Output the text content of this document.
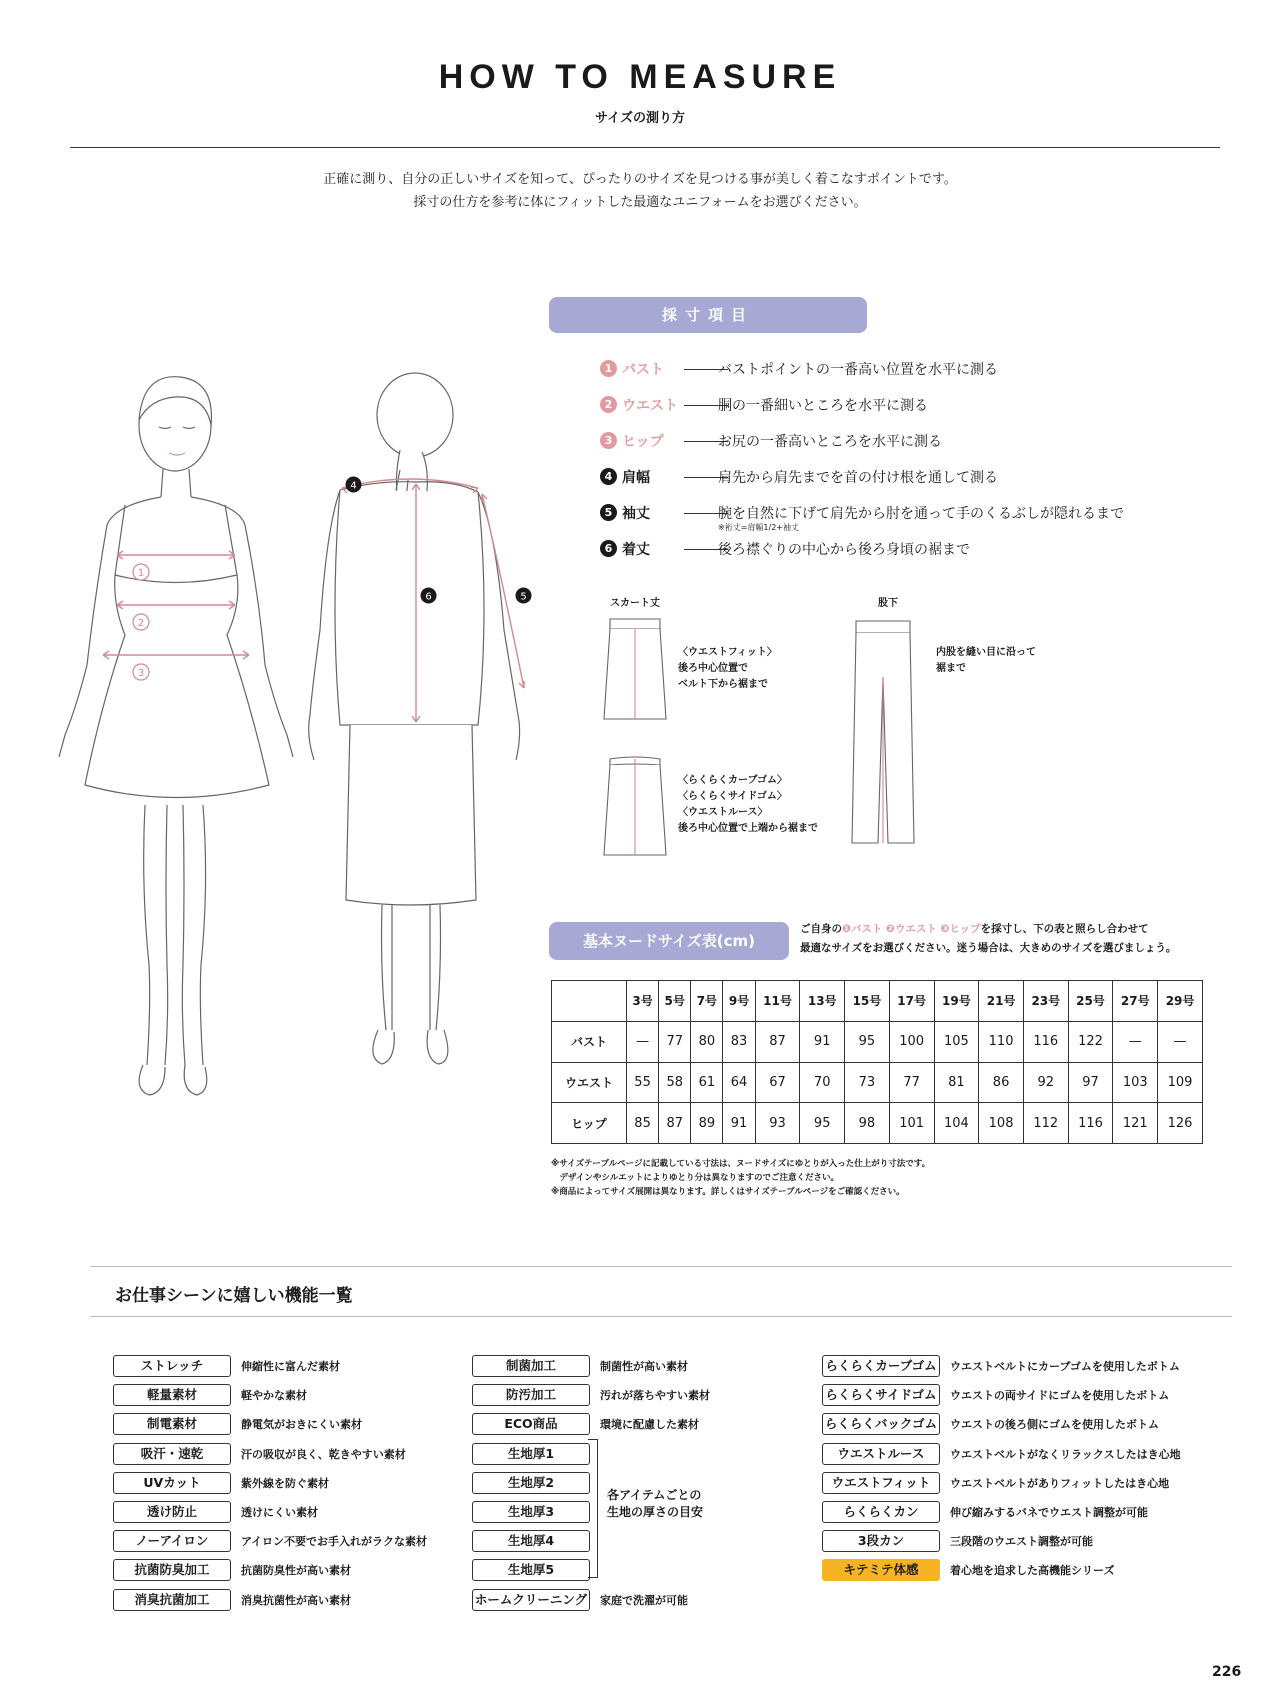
HOW TO MEASURE
サイズの測り方
正確に測り、自分の正しいサイズを知って、ぴったりのサイズを見つける事が美しく着こなすポイントです。
採寸の仕方を参考に体にフィットした最適なユニフォームをお選びください。
1
2
3
4
6	5
採寸項目
1 バスト	バストポイントの一番高い位置を水平に測る
2 ウエスト	胴の一番細いところを水平に測る
3 ヒップ	お尻の一番高いところを水平に測る
4 肩幅	肩先から肩先までを首の付け根を通して測る
5 袖丈	腕を自然に下げて肩先から肘を通って手のくるぶしが隠れるまで
※裄丈=肩幅1/2+袖丈
6 着丈	後ろ襟ぐりの中心から後ろ身頃の裾まで
スカート丈	股下
〈ウエストフィット〉
後ろ中心位置で
ベルト下から裾まで
〈らくらくカーブゴム〉
〈らくらくサイドゴム〉
〈ウエストルース〉
後ろ中心位置で上端から裾まで
内股を縫い目に沿って
裾まで
基本ヌードサイズ表(cm)
ご自身の❶バスト ❷ウエスト ❸ヒップを採寸し、下の表と照らし合わせて
最適なサイズをお選びください。迷う場合は、大きめのサイズを選びましょう。
	3号	5号	7号	9号	11号	13号	15号	17号	19号	21号	23号	25号	27号	29号
バスト	—	77	80	83	87	91	95	100	105	110	116	122	—	—
ウエスト	55	58	61	64	67	70	73	77	81	86	92	97	103	109
ヒップ	85	87	89	91	93	95	98	101	104	108	112	116	121	126
※サイズテーブルページに記載している寸法は、ヌードサイズにゆとりが入った仕上がり寸法です。
　デザインやシルエットによりゆとり分は異なりますのでご注意ください。
※商品によってサイズ展開は異なります。詳しくはサイズテーブルページをご確認ください。
お仕事シーンに嬉しい機能一覧
ストレッチ	伸縮性に富んだ素材
軽量素材	軽やかな素材
制電素材	静電気がおきにくい素材
吸汗・速乾	汗の吸収が良く、乾きやすい素材
UVカット	紫外線を防ぐ素材
透け防止	透けにくい素材
ノーアイロン	アイロン不要でお手入れがラクな素材
抗菌防臭加工	抗菌防臭性が高い素材
消臭抗菌加工	消臭抗菌性が高い素材
制菌加工	制菌性が高い素材
防汚加工	汚れが落ちやすい素材
ECO商品	環境に配慮した素材
生地厚1
生地厚2
生地厚3
生地厚4
生地厚5
ホームクリーニング 家庭で洗濯が可能
らくらくカーブゴム	ウエストベルトにカーブゴムを使用したボトム
らくらくサイドゴム	ウエストの両サイドにゴムを使用したボトム
らくらくバックゴム ウエストの後ろ側にゴムを使用したボトム
ウエストルース	ウエストベルトがなくリラックスしたはき心地
ウエストフィット	ウエストベルトがありフィットしたはき心地
らくらくカン	伸び縮みするバネでウエスト調整が可能
3段カン	三段階のウエスト調整が可能
キテミテ体感	着心地を追求した高機能シリーズ
各アイテムごとの
生地の厚さの目安
226
